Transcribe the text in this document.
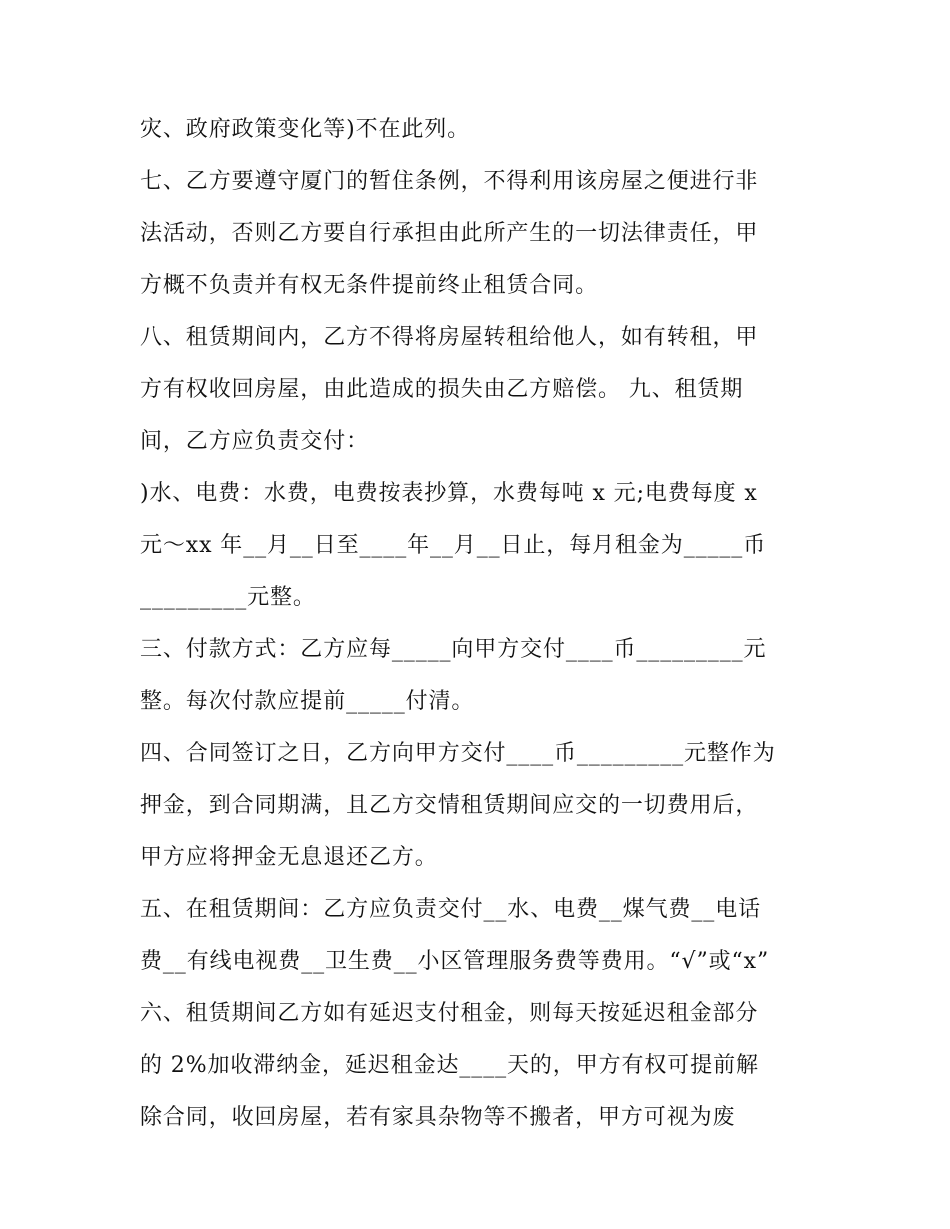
灾、政府政策变化等)不在此列。
七、乙方要遵守厦门的暂住条例，不得利用该房屋之便进行非
法活动，否则乙方要自行承担由此所产生的一切法律责任，甲
方概不负责并有权无条件提前终止租赁合同。
八、租赁期间内，乙方不得将房屋转租给他人，如有转租，甲
方有权收回房屋，由此造成的损失由乙方赔偿。 九、租赁期
间，乙方应负责交付：
)水、电费：水费，电费按表抄算，水费每吨 x 元;电费每度 x
元～xx 年__月__日至____年__月__日止，每月租金为_____币
_________元整。
三、付款方式：乙方应每_____向甲方交付____币_________元
整。每次付款应提前_____付清。
四、合同签订之日，乙方向甲方交付____币_________元整作为
押金，到合同期满，且乙方交情租赁期间应交的一切费用后，
甲方应将押金无息退还乙方。
五、在租赁期间：乙方应负责交付__水、电费__煤气费__电话
费__有线电视费__卫生费__小区管理服务费等费用。“√”或“x”
六、租赁期间乙方如有延迟支付租金，则每天按延迟租金部分
的 2%加收滞纳金，延迟租金达____天的，甲方有权可提前解
除合同，收回房屋，若有家具杂物等不搬者，甲方可视为废
